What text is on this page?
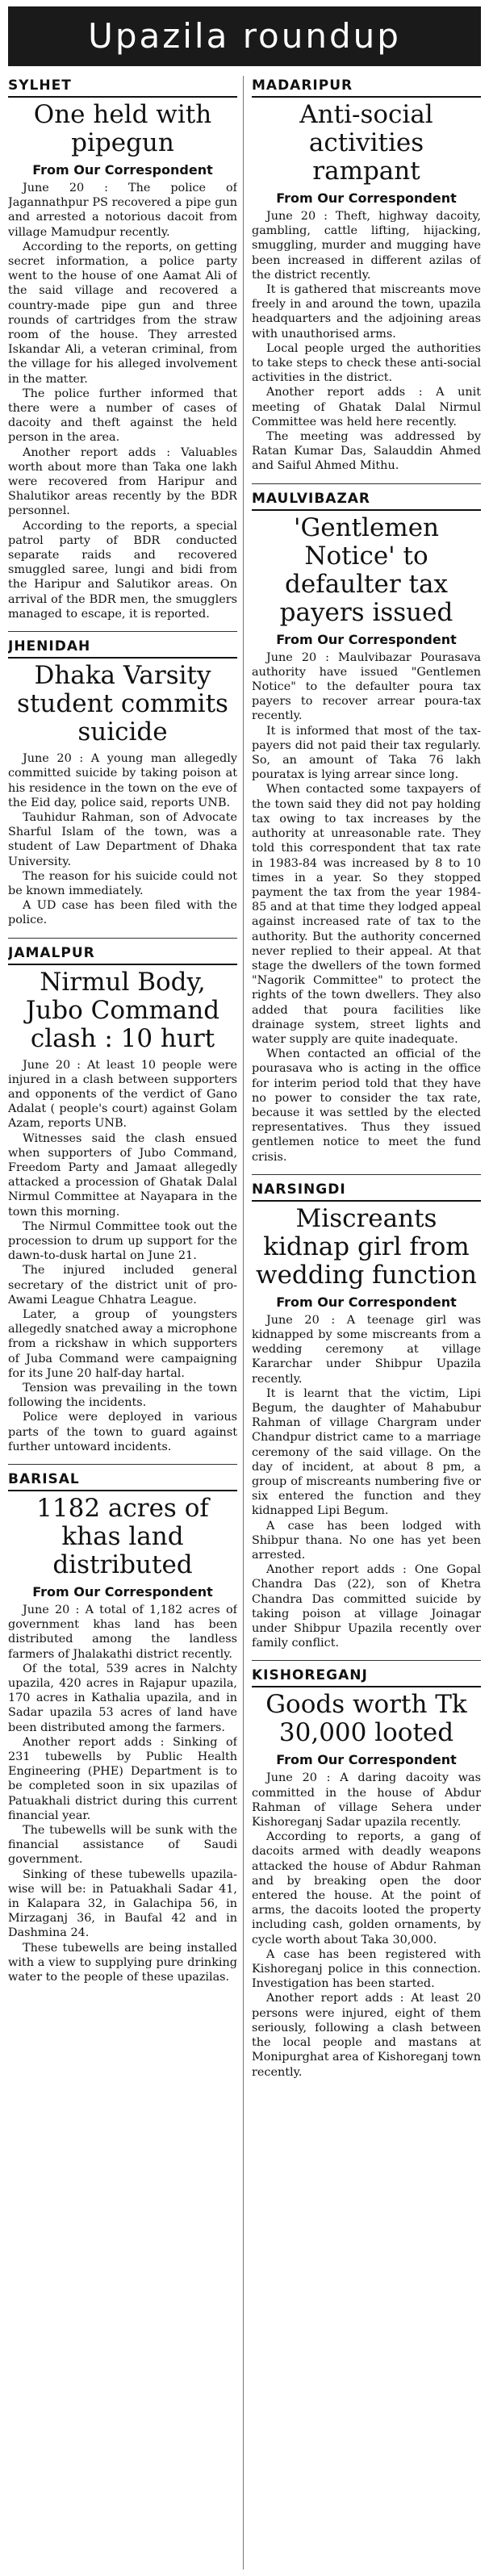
Upazila roundup
SYLHET
One held with pipegun
From Our Correspondent

June 20 : The police of Jagannathpur PS recovered a pipe gun and arrested a notorious dacoit from village Mamudpur recently.

According to the reports, on getting secret information, a police party went to the house of one Aamat Ali of the said village and recovered a country-made pipe gun and three rounds of cartridges from the straw room of the house. They arrested Iskandar Ali, a veteran criminal, from the village for his alleged involvement in the matter.

The police further informed that there were a number of cases of dacoity and theft against the held person in the area.

Another report adds : Valuables worth about more than Taka one lakh were recovered from Haripur and Shalutikor areas recently by the BDR personnel.

According to the reports, a special patrol party of BDR conducted separate raids and recovered smuggled saree, lungi and bidi from the Haripur and Salutikor areas. On arrival of the BDR men, the smugglers managed to escape, it is reported.

JHENIDAH
Dhaka Varsity student commits suicide

June 20 : A young man allegedly committed suicide by taking poison at his residence in the town on the eve of the Eid day, police said, reports UNB.

Tauhidur Rahman, son of Advocate Sharful Islam of the town, was a student of Law Department of Dhaka University.

The reason for his suicide could not be known immediately.

A UD case has been filed with the police.

JAMALPUR
Nirmul Body, Jubo Command clash : 10 hurt

June 20 : At least 10 people were injured in a clash between supporters and opponents of the verdict of Gano Adalat ( people's court) against Golam Azam, reports UNB.

Witnesses said the clash ensued when supporters of Jubo Command, Freedom Party and Jamaat allegedly attacked a procession of Ghatak Dalal Nirmul Committee at Nayapara in the town this morning.

The Nirmul Committee took out the procession to drum up support for the dawn-to-dusk hartal on June 21.

The injured included general secretary of the district unit of pro-Awami League Chhatra League.

Later, a group of youngsters allegedly snatched away a microphone from a rickshaw in which supporters of Juba Command were campaigning for its June 20 half-day hartal.

Tension was prevailing in the town following the incidents.

Police were deployed in various parts of the town to guard against further untoward incidents.

BARISAL
1182 acres of khas land distributed
From Our Correspondent

June 20 : A total of 1,182 acres of government khas land has been distributed among the landless farmers of Jhalakathi district recently.

Of the total, 539 acres in Nalchty upazila, 420 acres in Rajapur upazila, 170 acres in Kathalia upazila, and in Sadar upazila 53 acres of land have been distributed among the farmers.

Another report adds : Sinking of 231 tubewells by Public Health Engineering (PHE) Department is to be completed soon in six upazilas of Patuakhali district during this current financial year.

The tubewells will be sunk with the financial assistance of Saudi government.

Sinking of these tubewells upazila-wise will be: in Patuakhali Sadar 41, in Kalapara 32, in Galachipa 56, in Mirzaganj 36, in Baufal 42 and in Dashmina 24.

These tubewells are being installed with a view to supplying pure drinking water to the people of these upazilas.

MADARIPUR
Anti-social activities rampant
From Our Correspondent

June 20 : Theft, highway dacoity, gambling, cattle lifting, hijacking, smuggling, murder and mugging have been increased in different azilas of the district recently.

It is gathered that miscreants move freely in and around the town, upazila headquarters and the adjoining areas with unauthorised arms.

Local people urged the authorities to take steps to check these anti-social activities in the district.

Another report adds : A unit meeting of Ghatak Dalal Nirmul Committee was held here recently.

The meeting was addressed by Ratan Kumar Das, Salauddin Ahmed and Saiful Ahmed Mithu.

MAULVIBAZAR
'Gentlemen Notice' to defaulter tax payers issued
From Our Correspondent

June 20 : Maulvibazar Pourasava authority have issued "Gentlemen Notice" to the defaulter poura tax payers to recover arrear poura-tax recently.

It is informed that most of the tax-payers did not paid their tax regularly. So, an amount of Taka 76 lakh pouratax is lying arrear since long.

When contacted some taxpayers of the town said they did not pay holding tax owing to tax increases by the authority at unreasonable rate. They told this correspondent that tax rate in 1983-84 was increased by 8 to 10 times in a year. So they stopped payment the tax from the year 1984-85 and at that time they lodged appeal against increased rate of tax to the authority. But the authority concerned never replied to their appeal. At that stage the dwellers of the town formed "Nagorik Committee" to protect the rights of the town dwellers. They also added that poura facilities like drainage system, street lights and water supply are quite inadequate.

When contacted an official of the pourasava who is acting in the office for interim period told that they have no power to consider the tax rate, because it was settled by the elected representatives. Thus they issued gentlemen notice to meet the fund crisis.

NARSINGDI
Miscreants kidnap girl from wedding function
From Our Correspondent

June 20 : A teenage girl was kidnapped by some miscreants from a wedding ceremony at village Kararchar under Shibpur Upazila recently.

It is learnt that the victim, Lipi Begum, the daughter of Mahabubur Rahman of village Chargram under Chandpur district came to a marriage ceremony of the said village. On the day of incident, at about 8 pm, a group of miscreants numbering five or six entered the function and they kidnapped Lipi Begum.

A case has been lodged with Shibpur thana. No one has yet been arrested.

Another report adds : One Gopal Chandra Das (22), son of Khetra Chandra Das committed suicide by taking poison at village Joinagar under Shibpur Upazila recently over family conflict.

KISHOREGANJ
Goods worth Tk 30,000 looted
From Our Correspondent

June 20 : A daring dacoity was committed in the house of Abdur Rahman of village Sehera under Kishoreganj Sadar upazila recently.

According to reports, a gang of dacoits armed with deadly weapons attacked the house of Abdur Rahman and by breaking open the door entered the house. At the point of arms, the dacoits looted the property including cash, golden ornaments, by cycle worth about Taka 30,000.

A case has been registered with Kishoreganj police in this connection. Investigation has been started.

Another report adds : At least 20 persons were injured, eight of them seriously, following a clash between the local people and mastans at Monipurghat area of Kishoreganj town recently.
